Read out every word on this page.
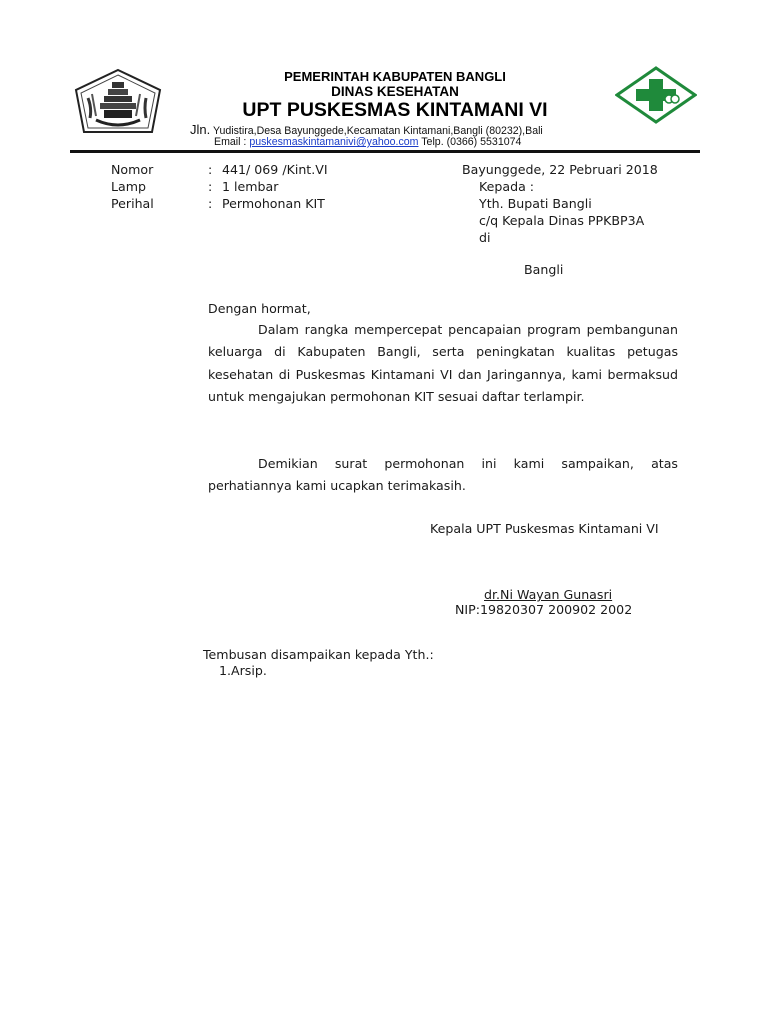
PEMERINTAH KABUPATEN BANGLI
DINAS KESEHATAN
UPT PUSKESMAS KINTAMANI VI
Jln. Yudistira,Desa Bayunggede,Kecamatan Kintamani,Bangli (80232),Bali
Email : puskesmaskintamanivi@yahoo.com Telp. (0366) 5531074
Nomor	: 441/ 069 /Kint.VI
Lamp	: 1 lembar
Perihal	: Permohonan KIT
Bayunggede, 22 Pebruari 2018
Kepada :
Yth. Bupati Bangli
c/q Kepala Dinas PPKBP3A
di
Bangli
Dengan hormat,
Dalam rangka mempercepat pencapaian program pembangunan keluarga di Kabupaten Bangli, serta peningkatan kualitas petugas kesehatan di Puskesmas Kintamani VI dan Jaringannya, kami bermaksud untuk mengajukan permohonan KIT sesuai daftar terlampir.
Demikian surat permohonan ini kami sampaikan, atas perhatiannya kami ucapkan terimakasih.
Kepala UPT Puskesmas Kintamani VI
dr.Ni Wayan Gunasri
NIP:19820307 200902 2002
Tembusan disampaikan kepada Yth.:
1.Arsip.
